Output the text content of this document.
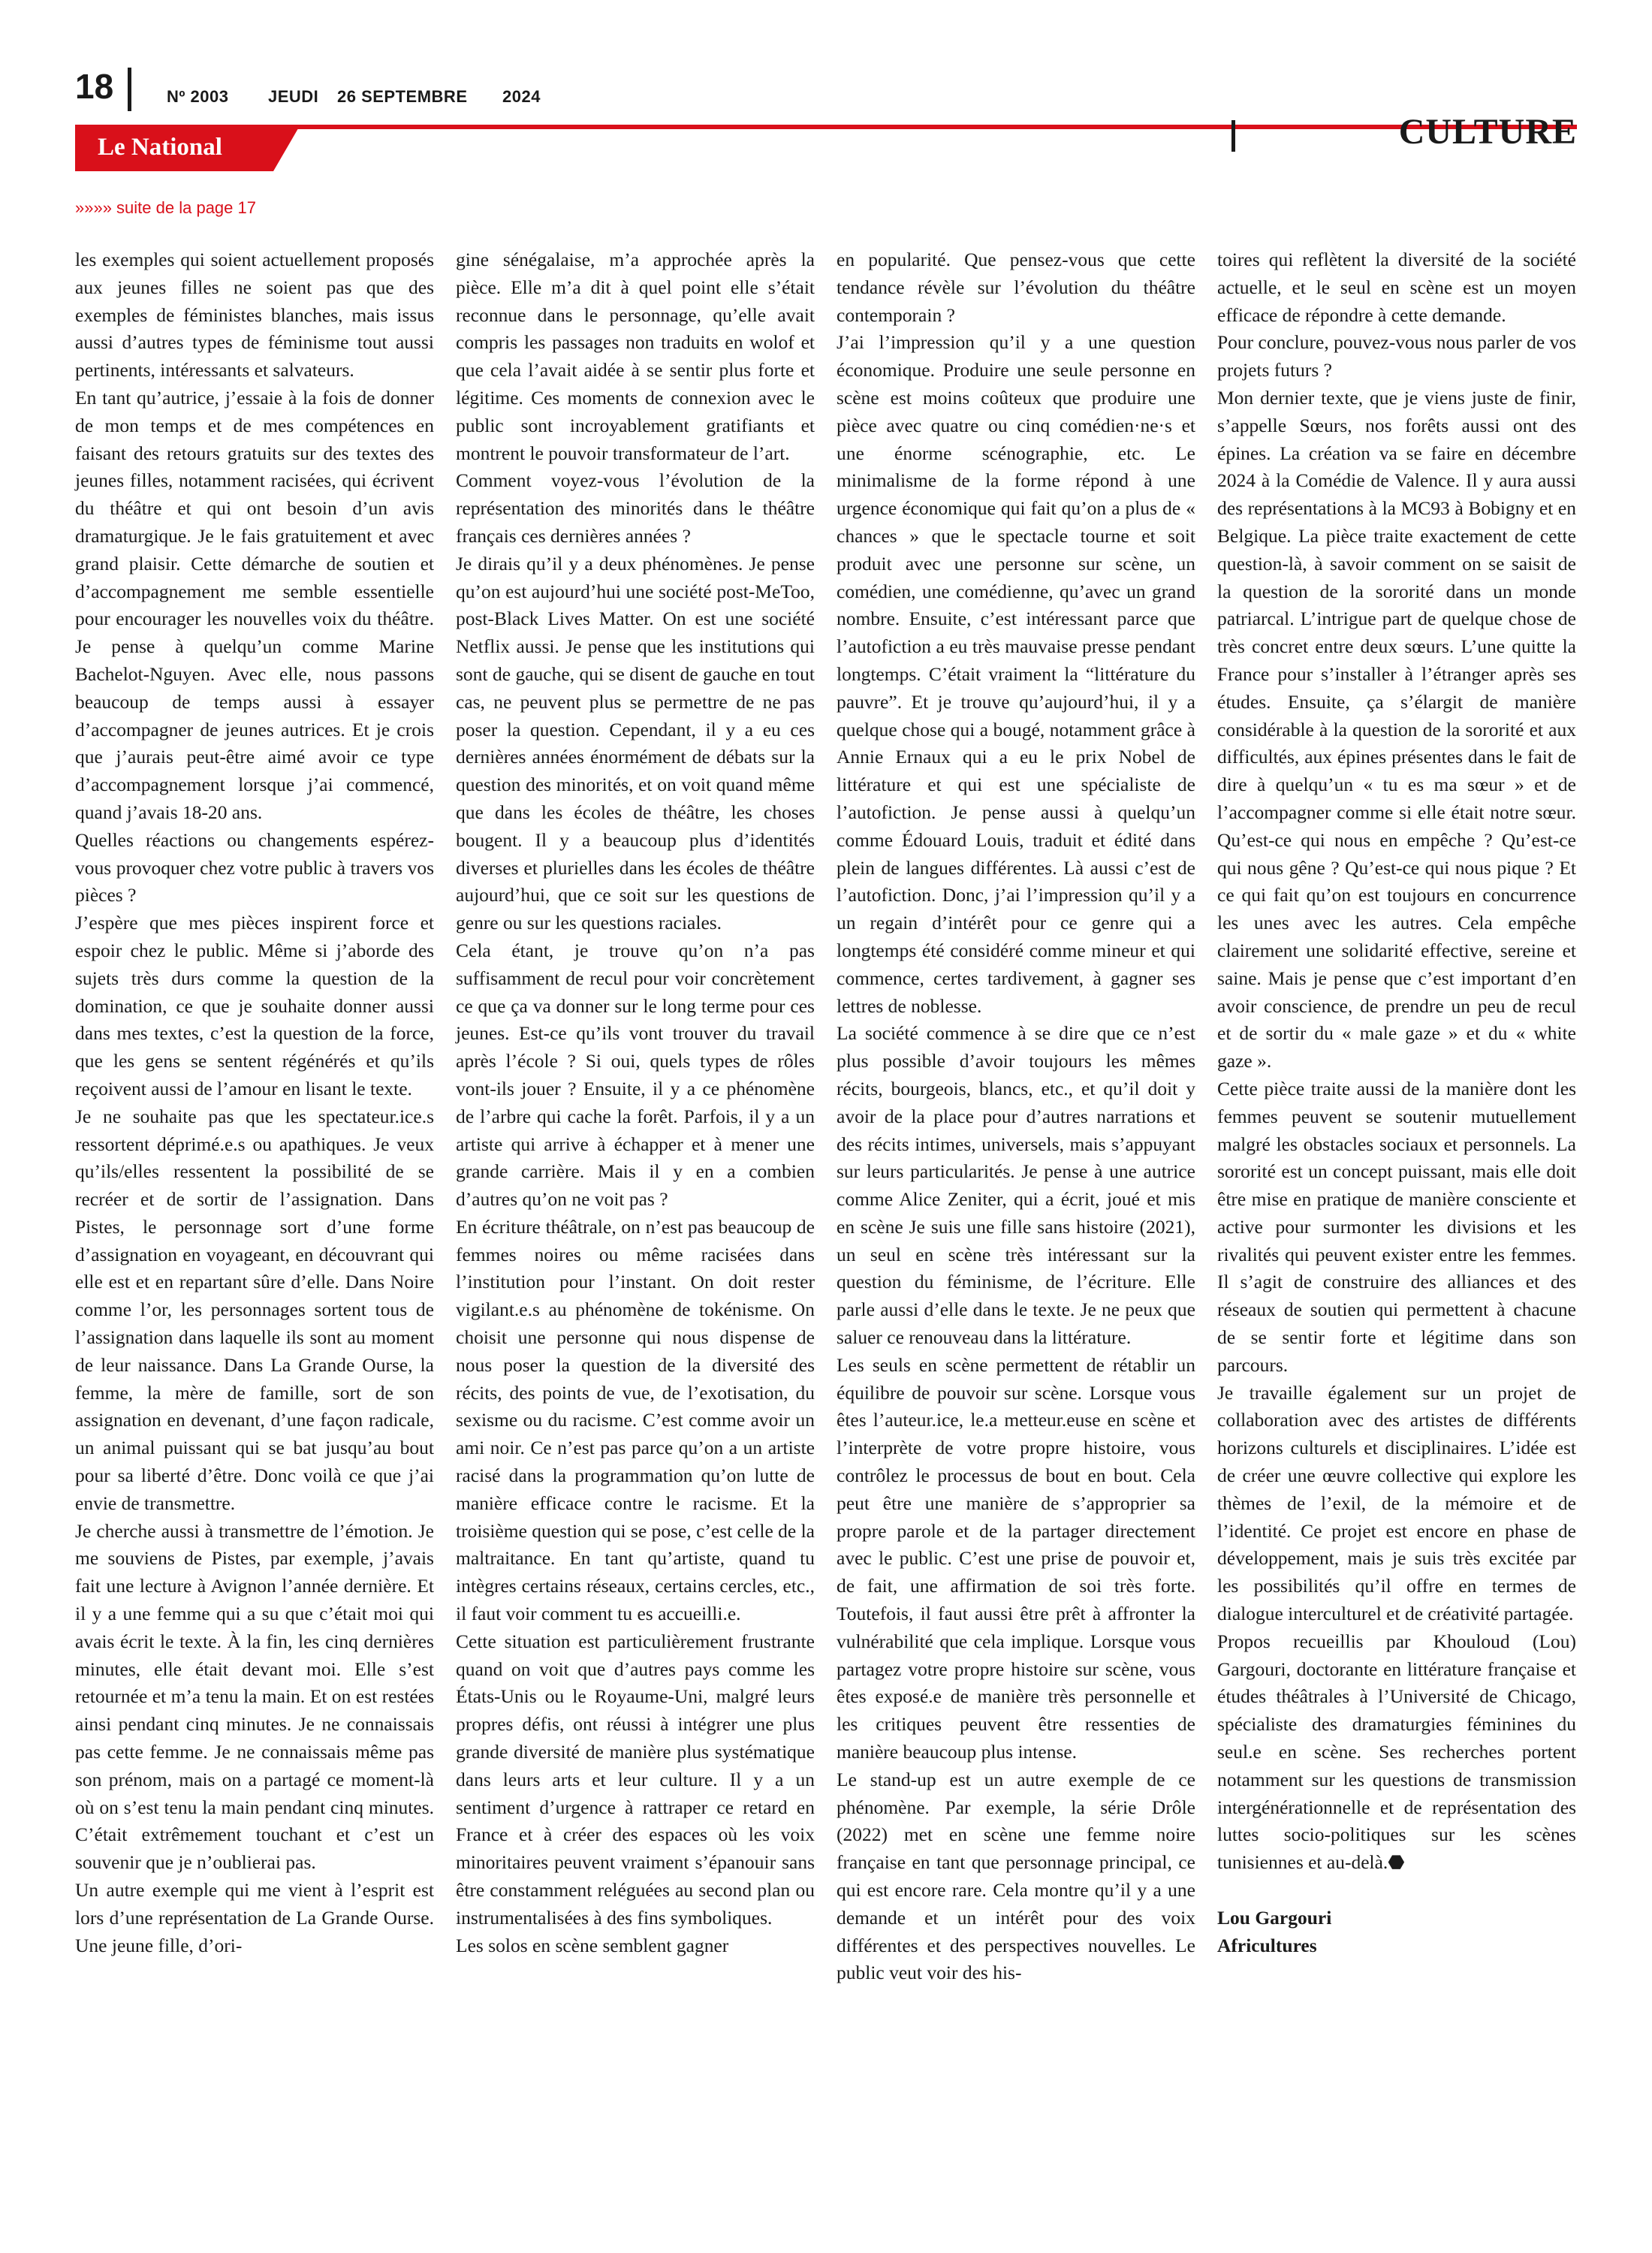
18	Nº 2003 JEUDI 26 SEPTEMBRE 2024
Le National	CULTURE
»»»» suite de la page 17

les exemples qui soient actuellement proposés aux jeunes filles ne soient pas que des exemples de féministes blanches, mais issus aussi d’autres types de féminisme tout aussi pertinents, intéressants et salvateurs.

En tant qu’autrice, j’essaie à la fois de donner de mon temps et de mes compétences en faisant des retours gratuits sur des textes des jeunes filles, notamment racisées, qui écrivent du théâtre et qui ont besoin d’un avis dramaturgique. Je le fais gratuitement et avec grand plaisir. Cette démarche de soutien et d’accompagnement me semble essentielle pour encourager les nouvelles voix du théâtre. Je pense à quelqu’un comme Marine Bachelot-Nguyen. Avec elle, nous passons beaucoup de temps aussi à essayer d’accompagner de jeunes autrices. Et je crois que j’aurais peut-être aimé avoir ce type d’accompagnement lorsque j’ai commencé, quand j’avais 18-20 ans.

Quelles réactions ou changements espérez-vous provoquer chez votre public à travers vos pièces ?

J’espère que mes pièces inspirent force et espoir chez le public. Même si j’aborde des sujets très durs comme la question de la domination, ce que je souhaite donner aussi dans mes textes, c’est la question de la force, que les gens se sentent régénérés et qu’ils reçoivent aussi de l’amour en lisant le texte.

Je ne souhaite pas que les spectateur.ice.s ressortent déprimé.e.s ou apathiques. Je veux qu’ils/elles ressentent la possibilité de se recréer et de sortir de l’assignation. Dans Pistes, le personnage sort d’une forme d’assignation en voyageant, en découvrant qui elle est et en repartant sûre d’elle. Dans Noire comme l’or, les personnages sortent tous de l’assignation dans laquelle ils sont au moment de leur naissance. Dans La Grande Ourse, la femme, la mère de famille, sort de son assignation en devenant, d’une façon radicale, un animal puissant qui se bat jusqu’au bout pour sa liberté d’être. Donc voilà ce que j’ai envie de transmettre.

Je cherche aussi à transmettre de l’émotion. Je me souviens de Pistes, par exemple, j’avais fait une lecture à Avignon l’année dernière. Et il y a une femme qui a su que c’était moi qui avais écrit le texte. À la fin, les cinq dernières minutes, elle était devant moi. Elle s’est retournée et m’a tenu la main. Et on est restées ainsi pendant cinq minutes. Je ne connaissais pas cette femme. Je ne connaissais même pas son prénom, mais on a partagé ce moment-là où on s’est tenu la main pendant cinq minutes. C’était extrêmement touchant et c’est un souvenir que je n’oublierai pas.

Un autre exemple qui me vient à l’esprit est lors d’une représentation de La Grande Ourse. Une jeune fille, d’ori-

gine sénégalaise, m’a approchée après la pièce. Elle m’a dit à quel point elle s’était reconnue dans le personnage, qu’elle avait compris les passages non traduits en wolof et que cela l’avait aidée à se sentir plus forte et légitime. Ces moments de connexion avec le public sont incroyablement gratifiants et montrent le pouvoir transformateur de l’art.

Comment voyez-vous l’évolution de la représentation des minorités dans le théâtre français ces dernières années ?

Je dirais qu’il y a deux phénomènes. Je pense qu’on est aujourd’hui une société post-MeToo, post-Black Lives Matter. On est une société Netflix aussi. Je pense que les institutions qui sont de gauche, qui se disent de gauche en tout cas, ne peuvent plus se permettre de ne pas poser la question. Cependant, il y a eu ces dernières années énormément de débats sur la question des minorités, et on voit quand même que dans les écoles de théâtre, les choses bougent. Il y a beaucoup plus d’identités diverses et plurielles dans les écoles de théâtre aujourd’hui, que ce soit sur les questions de genre ou sur les questions raciales.

Cela étant, je trouve qu’on n’a pas suffisamment de recul pour voir concrètement ce que ça va donner sur le long terme pour ces jeunes. Est-ce qu’ils vont trouver du travail après l’école ? Si oui, quels types de rôles vont-ils jouer ? Ensuite, il y a ce phénomène de l’arbre qui cache la forêt. Parfois, il y a un artiste qui arrive à échapper et à mener une grande carrière. Mais il y en a combien d’autres qu’on ne voit pas ?

En écriture théâtrale, on n’est pas beaucoup de femmes noires ou même racisées dans l’institution pour l’instant. On doit rester vigilant.e.s au phénomène de tokénisme. On choisit une personne qui nous dispense de nous poser la question de la diversité des récits, des points de vue, de l’exotisation, du sexisme ou du racisme. C’est comme avoir un ami noir. Ce n’est pas parce qu’on a un artiste racisé dans la programmation qu’on lutte de manière efficace contre le racisme. Et la troisième question qui se pose, c’est celle de la maltraitance. En tant qu’artiste, quand tu intègres certains réseaux, certains cercles, etc., il faut voir comment tu es accueilli.e.

Cette situation est particulièrement frustrante quand on voit que d’autres pays comme les États-Unis ou le Royaume-Uni, malgré leurs propres défis, ont réussi à intégrer une plus grande diversité de manière plus systématique dans leurs arts et leur culture. Il y a un sentiment d’urgence à rattraper ce retard en France et à créer des espaces où les voix minoritaires peuvent vraiment s’épanouir sans être constamment reléguées au second plan ou instrumentalisées à des fins symboliques.

Les solos en scène semblent gagner

en popularité. Que pensez-vous que cette tendance révèle sur l’évolution du théâtre contemporain ?

J’ai l’impression qu’il y a une question économique. Produire une seule personne en scène est moins coûteux que produire une pièce avec quatre ou cinq comédien·ne·s et une énorme scénographie, etc. Le minimalisme de la forme répond à une urgence économique qui fait qu’on a plus de « chances » que le spectacle tourne et soit produit avec une personne sur scène, un comédien, une comédienne, qu’avec un grand nombre. Ensuite, c’est intéressant parce que l’autofiction a eu très mauvaise presse pendant longtemps. C’était vraiment la “littérature du pauvre”. Et je trouve qu’aujourd’hui, il y a quelque chose qui a bougé, notamment grâce à Annie Ernaux qui a eu le prix Nobel de littérature et qui est une spécialiste de l’autofiction. Je pense aussi à quelqu’un comme Édouard Louis, traduit et édité dans plein de langues différentes. Là aussi c’est de l’autofiction. Donc, j’ai l’impression qu’il y a un regain d’intérêt pour ce genre qui a longtemps été considéré comme mineur et qui commence, certes tardivement, à gagner ses lettres de noblesse.

La société commence à se dire que ce n’est plus possible d’avoir toujours les mêmes récits, bourgeois, blancs, etc., et qu’il doit y avoir de la place pour d’autres narrations et des récits intimes, universels, mais s’appuyant sur leurs particularités. Je pense à une autrice comme Alice Zeniter, qui a écrit, joué et mis en scène Je suis une fille sans histoire (2021), un seul en scène très intéressant sur la question du féminisme, de l’écriture. Elle parle aussi d’elle dans le texte. Je ne peux que saluer ce renouveau dans la littérature.

Les seuls en scène permettent de rétablir un équilibre de pouvoir sur scène. Lorsque vous êtes l’auteur.ice, le.a metteur.euse en scène et l’interprète de votre propre histoire, vous contrôlez le processus de bout en bout. Cela peut être une manière de s’approprier sa propre parole et de la partager directement avec le public. C’est une prise de pouvoir et, de fait, une affirmation de soi très forte. Toutefois, il faut aussi être prêt à affronter la vulnérabilité que cela implique. Lorsque vous partagez votre propre histoire sur scène, vous êtes exposé.e de manière très personnelle et les critiques peuvent être ressenties de manière beaucoup plus intense.

Le stand-up est un autre exemple de ce phénomène. Par exemple, la série Drôle (2022) met en scène une femme noire française en tant que personnage principal, ce qui est encore rare. Cela montre qu’il y a une demande et un intérêt pour des voix différentes et des perspectives nouvelles. Le public veut voir des his-

toires qui reflètent la diversité de la société actuelle, et le seul en scène est un moyen efficace de répondre à cette demande.

Pour conclure, pouvez-vous nous parler de vos projets futurs ?

Mon dernier texte, que je viens juste de finir, s’appelle Sœurs, nos forêts aussi ont des épines. La création va se faire en décembre 2024 à la Comédie de Valence. Il y aura aussi des représentations à la MC93 à Bobigny et en Belgique. La pièce traite exactement de cette question-là, à savoir comment on se saisit de la question de la sororité dans un monde patriarcal. L’intrigue part de quelque chose de très concret entre deux sœurs. L’une quitte la France pour s’installer à l’étranger après ses études. Ensuite, ça s’élargit de manière considérable à la question de la sororité et aux difficultés, aux épines présentes dans le fait de dire à quelqu’un « tu es ma sœur » et de l’accompagner comme si elle était notre sœur. Qu’est-ce qui nous en empêche ? Qu’est-ce qui nous gêne ? Qu’est-ce qui nous pique ? Et ce qui fait qu’on est toujours en concurrence les unes avec les autres. Cela empêche clairement une solidarité effective, sereine et saine. Mais je pense que c’est important d’en avoir conscience, de prendre un peu de recul et de sortir du « male gaze » et du « white gaze ».

Cette pièce traite aussi de la manière dont les femmes peuvent se soutenir mutuellement malgré les obstacles sociaux et personnels. La sororité est un concept puissant, mais elle doit être mise en pratique de manière consciente et active pour surmonter les divisions et les rivalités qui peuvent exister entre les femmes. Il s’agit de construire des alliances et des réseaux de soutien qui permettent à chacune de se sentir forte et légitime dans son parcours.

Je travaille également sur un projet de collaboration avec des artistes de différents horizons culturels et disciplinaires. L’idée est de créer une œuvre collective qui explore les thèmes de l’exil, de la mémoire et de l’identité. Ce projet est encore en phase de développement, mais je suis très excitée par les possibilités qu’il offre en termes de dialogue interculturel et de créativité partagée.

Propos recueillis par Khouloud (Lou) Gargouri, doctorante en littérature française et études théâtrales à l’Université de Chicago, spécialiste des dramaturgies féminines du seul.e en scène. Ses recherches portent notamment sur les questions de transmission intergénérationnelle et de représentation des luttes socio-politiques sur les scènes tunisiennes et au-delà.⬣

Lou Gargouri

Africultures
